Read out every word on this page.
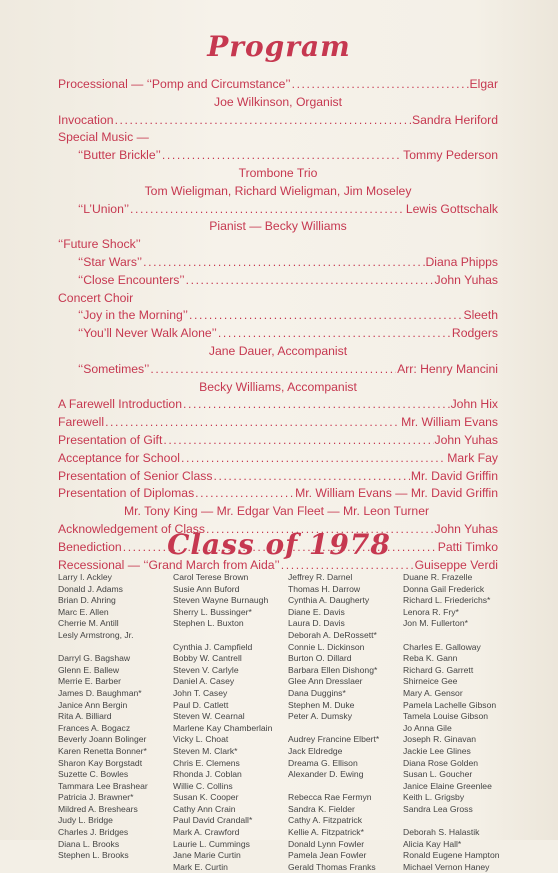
Program
Processional — ‘‘Pomp and Circumstance’’ .....	Elgar
Joe Wilkinson, Organist
Invocation .....	Sandra Heriford
Special Music —
‘‘Butter Brickle’’ .....	Tommy Pederson
Trombone Trio
Tom Wieligman, Richard Wieligman, Jim Moseley
‘‘L’Union’’ .....	Lewis Gottschalk
Pianist — Becky Williams
‘‘Future Shock’’
‘‘Star Wars’’ .....	Diana Phipps
‘‘Close Encounters’’ .....	John Yuhas
Concert Choir
‘‘Joy in the Morning’’ .....	Sleeth
‘‘You’ll Never Walk Alone’’ .....	Rodgers
Jane Dauer, Accompanist
‘‘Sometimes’’ .....	Arr: Henry Mancini
Becky Williams, Accompanist
A Farewell Introduction .....	John Hix
Farewell .....	Mr. William Evans
Presentation of Gift .....	John Yuhas
Acceptance for School .....	Mark Fay
Presentation of Senior Class .....	Mr. David Griffin
Presentation of Diplomas .....	Mr. William Evans — Mr. David Griffin
Mr. Tony King — Mr. Edgar Van Fleet — Mr. Leon Turner
Acknowledgement of Class .....	John Yuhas
Benediction .....	Patti Timko
Recessional — ‘‘Grand March from Aida’’ .....	Guiseppe Verdi
Class of 1978
Larry I. Ackley
Donald J. Adams
Brian D. Ahring
Marc E. Allen
Cherrie M. Antill
Lesly Armstrong, Jr.
Darryl G. Bagshaw
Glenn E. Ballew
Merrie E. Barber
James D. Baughman*
Janice Ann Bergin
Rita A. Billiard
Frances A. Bogacz
Beverly Joann Bolinger
Karen Renetta Bonner*
Sharon Kay Borgstadt
Suzette C. Bowles
Tammara Lee Brashear
Patricia J. Brawner*
Mildred A. Breshears
Judy L. Bridge
Charles J. Bridges
Diana L. Brooks
Stephen L. Brooks
Carol Terese Brown
Susie Ann Buford
Steven Wayne Burnaugh
Sherry L. Bussinger*
Stephen L. Buxton
Cynthia J. Campfield
Bobby W. Cantrell
Steven V. Carlyle
Daniel A. Casey
John T. Casey
Paul D. Catlett
Steven W. Cearnal
Marlene Kay Chamberlain
Vicky L. Choat
Steven M. Clark*
Chris E. Clemens
Rhonda J. Coblan
Willie C. Collins
Susan K. Cooper
Cathy Ann Crain
Paul David Crandall*
Mark A. Crawford
Laurie L. Cummings
Jane Marie Curtin
Mark E. Curtin
Jeffrey R. Darnel
Thomas H. Darrow
Cynthia A. Daugherty
Diane E. Davis
Laura D. Davis
Deborah A. DeRossett*
Connie L. Dickinson
Burton O. Dillard
Barbara Ellen Dishong*
Glee Ann Dresslaer
Dana Duggins*
Stephen M. Duke
Peter A. Dumsky
Audrey Francine Elbert*
Jack Eldredge
Dreama G. Ellison
Alexander D. Ewing
Rebecca Rae Fermyn
Sandra K. Fielder
Cathy A. Fitzpatrick
Kellie A. Fitzpatrick*
Donald Lynn Fowler
Pamela Jean Fowler
Gerald Thomas Franks
Duane R. Frazelle
Donna Gail Frederick
Richard L. Friederichs*
Lenora R. Fry*
Jon M. Fullerton*
Charles E. Galloway
Reba K. Gann
Richard G. Garrett
Shirneice Gee
Mary A. Gensor
Pamela Lachelle Gibson
Tamela Louise Gibson
Jo Anna Gile
Joseph R. Ginavan
Jackie Lee Glines
Diana Rose Golden
Susan L. Goucher
Janice Elaine Greenlee
Keith L. Grigsby
Sandra Lea Gross
Deborah S. Halastik
Alicia Kay Hall*
Ronald Eugene Hampton
Michael Vernon Haney
